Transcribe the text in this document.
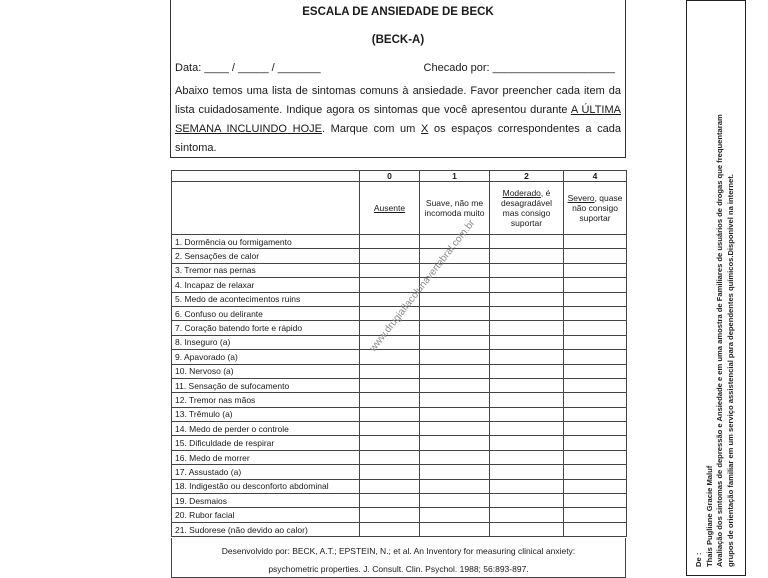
ESCALA DE ANSIEDADE DE BECK
(BECK-A)
Data: ____ / _____ / _______	Checado por: ____________________
Abaixo temos uma lista de sintomas comuns à ansiedade. Favor preencher cada item da lista cuidadosamente. Indique agora os sintomas que você apresentou durante A ÚLTIMA SEMANA INCLUINDO HOJE. Marque com um X os espaços correspondentes a cada sintoma.
	0	1	2	4
	Ausente	Suave, não me incomoda muito	Moderado, é desagradável mas consigo suportar	Severo, quase não consigo suportar
1. Dormência ou formigamento				
2. Sensações de calor				
3. Tremor nas pernas				
4. Incapaz de relaxar				
5. Medo de acontecimentos ruins				
6. Confuso ou delirante				
7. Coração batendo forte e rápido				
8. Inseguro (a)				
9. Apavorado (a)				
10. Nervoso (a)				
11. Sensação de sufocamento				
12. Tremor nas mãos				
13. Trêmulo (a)				
14. Medo de perder o controle				
15. Dificuldade de respirar				
16. Medo de morrer				
17. Assustado (a)				
18. Indigestão ou desconforto abdominal				
19. Desmaios				
20. Rubor facial				
21. Sudorese (não devido ao calor)				
Desenvolvido por: BECK, A.T.; EPSTEIN, N.; et al. An Inventory for measuring clinical anxiety:
psychometric properties. J. Consult. Clin. Psychol. 1988; 56:893-897.
www.drugiaflacolunavertebral.com.br
De : Thais Pugliane Gracie Maluf Avaliação dos sintomas de depressão e Ansiedade e em uma amostra de Familiares de usuários de drogas que frequentaram grupos de orientação familiar em um serviço assistencial para dependentes químicos.Disponível na internet.
